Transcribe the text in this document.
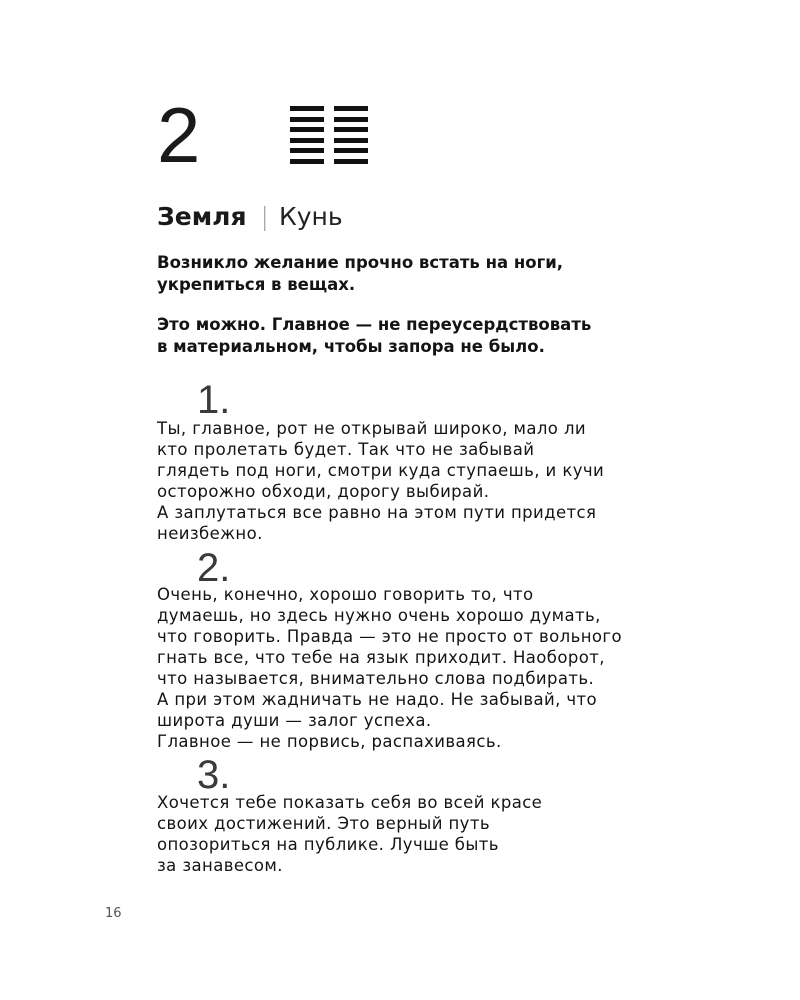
2
Земля | Кунь

Возникло желание прочно встать на ноги,
укрепиться в вещах.

Это можно. Главное — не переусердствовать
в материальном, чтобы запора не было.

1.
Ты, главное, рот не открывай широко, мало ли
кто пролетать будет. Так что не забывай
глядеть под ноги, смотри куда ступаешь, и кучи
осторожно обходи, дорогу выбирай.
А заплутаться все равно на этом пути придется
неизбежно.
2.
Очень, конечно, хорошо говорить то, что
думаешь, но здесь нужно очень хорошо думать,
что говорить. Правда — это не просто от вольного
гнать все, что тебе на язык приходит. Наоборот,
что называется, внимательно слова подбирать.
А при этом жадничать не надо. Не забывай, что
широта души — залог успеха.
Главное — не порвись, распахиваясь.
3.
Хочется тебе показать себя во всей красе
своих достижений. Это верный путь
опозориться на публике. Лучше быть
за занавесом.
16
